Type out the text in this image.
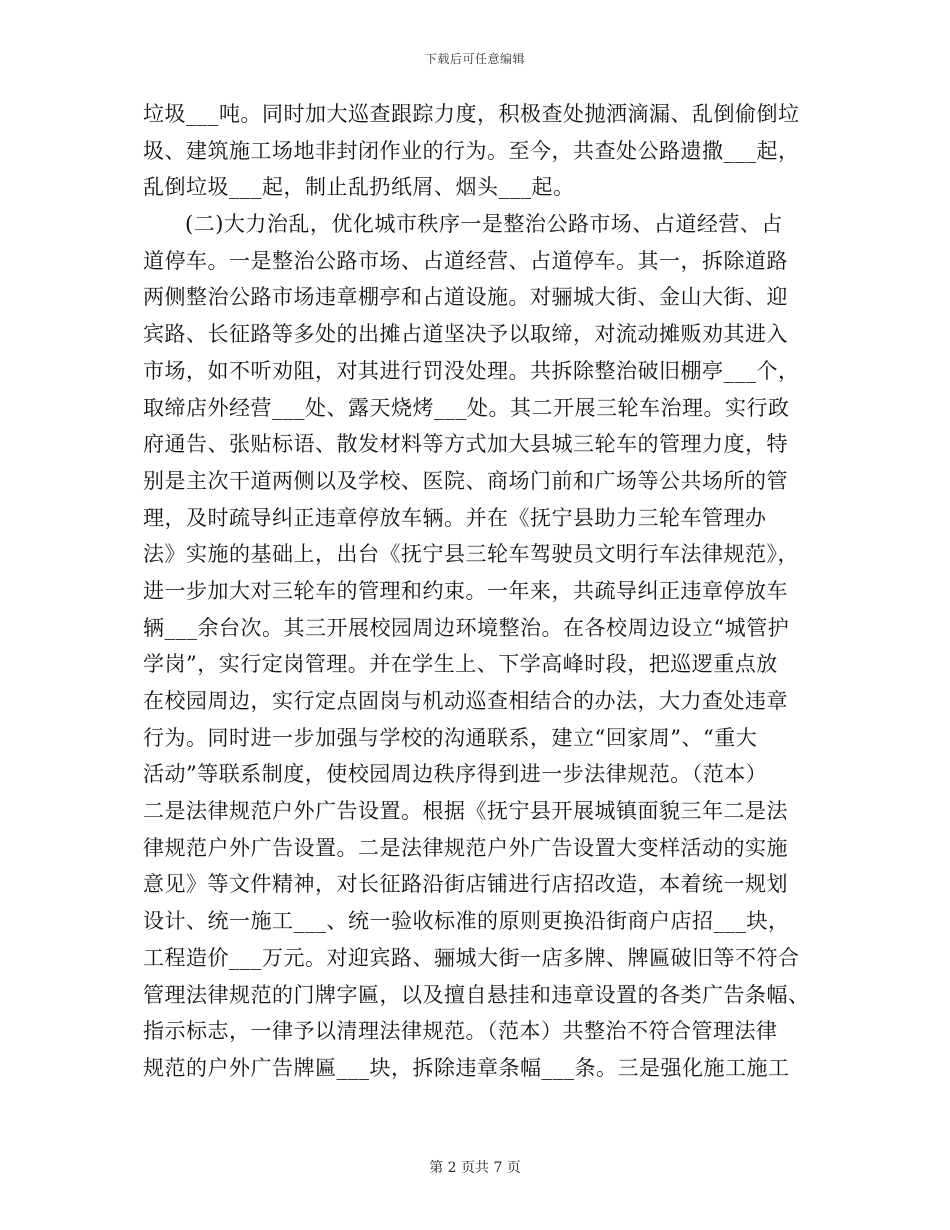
下载后可任意编辑
垃圾___吨。同时加大巡查跟踪力度，积极查处抛洒滴漏、乱倒偷倒垃
圾、建筑施工场地非封闭作业的行为。至今，共查处公路遗撒___起，
乱倒垃圾___起，制止乱扔纸屑、烟头___起。
(二)大力治乱，优化城市秩序一是整治公路市场、占道经营、占
道停车。一是整治公路市场、占道经营、占道停车。其一，拆除道路
两侧整治公路市场违章棚亭和占道设施。对骊城大街、金山大街、迎
宾路、长征路等多处的出摊占道坚决予以取缔，对流动摊贩劝其进入
市场，如不听劝阻，对其进行罚没处理。共拆除整治破旧棚亭___个，
取缔店外经营___处、露天烧烤___处。其二开展三轮车治理。实行政
府通告、张贴标语、散发材料等方式加大县城三轮车的管理力度，特
别是主次干道两侧以及学校、医院、商场门前和广场等公共场所的管
理，及时疏导纠正违章停放车辆。并在《抚宁县助力三轮车管理办
法》实施的基础上，出台《抚宁县三轮车驾驶员文明行车法律规范》，
进一步加大对三轮车的管理和约束。一年来，共疏导纠正违章停放车
辆___余台次。其三开展校园周边环境整治。在各校周边设立“城管护
学岗”，实行定岗管理。并在学生上、下学高峰时段，把巡逻重点放
在校园周边，实行定点固岗与机动巡查相结合的办法，大力查处违章
行为。同时进一步加强与学校的沟通联系，建立“回家周”、“重大
活动”等联系制度，使校园周边秩序得到进一步法律规范。（范本）
二是法律规范户外广告设置。根据《抚宁县开展城镇面貌三年二是法
律规范户外广告设置。二是法律规范户外广告设置大变样活动的实施
意见》等文件精神，对长征路沿街店铺进行店招改造，本着统一规划
设计、统一施工___、统一验收标准的原则更换沿街商户店招___块，
工程造价___万元。对迎宾路、骊城大街一店多牌、牌匾破旧等不符合
管理法律规范的门牌字匾，以及擅自悬挂和违章设置的各类广告条幅、
指示标志，一律予以清理法律规范。（范本）共整治不符合管理法律
规范的户外广告牌匾___块，拆除违章条幅___条。三是强化施工施工
第 2 页共 7 页
